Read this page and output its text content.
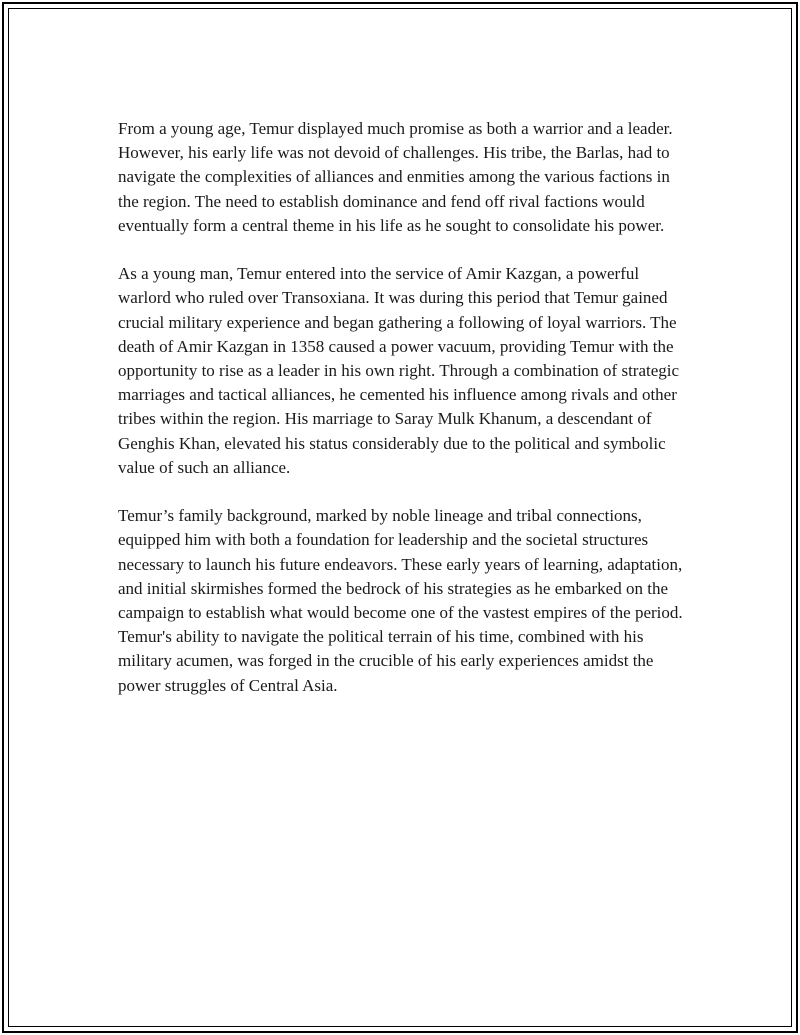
From a young age, Temur displayed much promise as both a warrior and a leader. However, his early life was not devoid of challenges. His tribe, the Barlas, had to navigate the complexities of alliances and enmities among the various factions in the region. The need to establish dominance and fend off rival factions would eventually form a central theme in his life as he sought to consolidate his power.

As a young man, Temur entered into the service of Amir Kazgan, a powerful warlord who ruled over Transoxiana. It was during this period that Temur gained crucial military experience and began gathering a following of loyal warriors. The death of Amir Kazgan in 1358 caused a power vacuum, providing Temur with the opportunity to rise as a leader in his own right. Through a combination of strategic marriages and tactical alliances, he cemented his influence among rivals and other tribes within the region. His marriage to Saray Mulk Khanum, a descendant of Genghis Khan, elevated his status considerably due to the political and symbolic value of such an alliance.

Temur’s family background, marked by noble lineage and tribal connections, equipped him with both a foundation for leadership and the societal structures necessary to launch his future endeavors. These early years of learning, adaptation, and initial skirmishes formed the bedrock of his strategies as he embarked on the campaign to establish what would become one of the vastest empires of the period. Temur's ability to navigate the political terrain of his time, combined with his military acumen, was forged in the crucible of his early experiences amidst the power struggles of Central Asia.
